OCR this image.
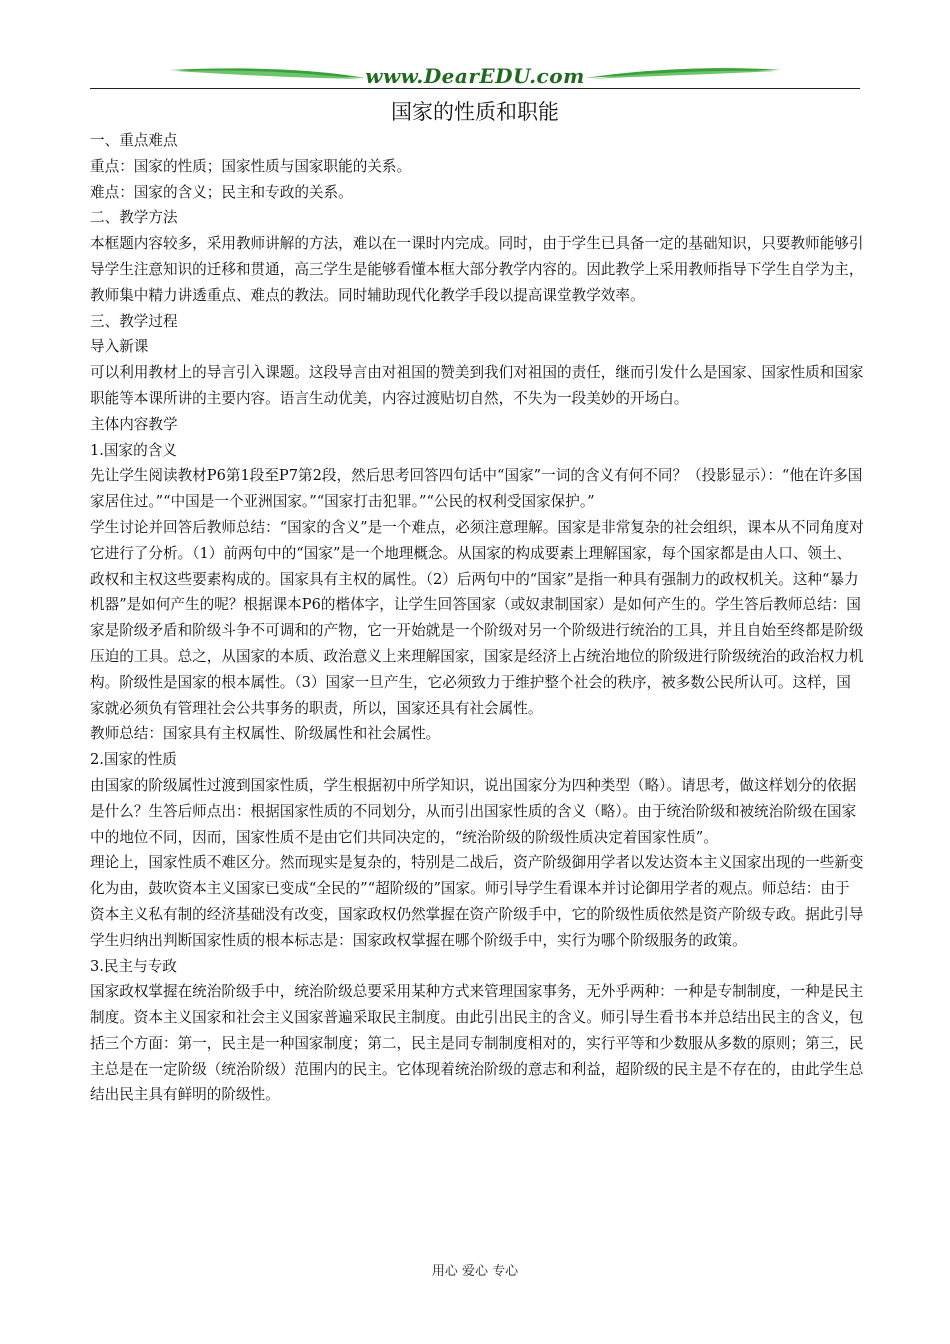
www.DearEDU.com
国家的性质和职能

一、重点难点

重点：国家的性质；国家性质与国家职能的关系。

难点：国家的含义；民主和专政的关系。

二、教学方法

本框题内容较多，采用教师讲解的方法，难以在一课时内完成。同时，由于学生已具备一定的基础知识，只要教师能够引导学生注意知识的迁移和贯通，高三学生是能够看懂本框大部分教学内容的。因此教学上采用教师指导下学生自学为主，教师集中精力讲透重点、难点的教法。同时辅助现代化教学手段以提高课堂教学效率。

三、教学过程

导入新课

可以利用教材上的导言引入课题。这段导言由对祖国的赞美到我们对祖国的责任，继而引发什么是国家、国家性质和国家职能等本课所讲的主要内容。语言生动优美，内容过渡贴切自然，不失为一段美妙的开场白。

主体内容教学

1.国家的含义

先让学生阅读教材P6第1段至P7第2段，然后思考回答四句话中“国家”一词的含义有何不同？（投影显示）：“他在许多国家居住过。”“中国是一个亚洲国家。”“国家打击犯罪。”“公民的权利受国家保护。”

学生讨论并回答后教师总结：“国家的含义”是一个难点，必须注意理解。国家是非常复杂的社会组织，课本从不同角度对它进行了分析。（1）前两句中的“国家”是一个地理概念。从国家的构成要素上理解国家，每个国家都是由人口、领土、政权和主权这些要素构成的。国家具有主权的属性。（2）后两句中的“国家”是指一种具有强制力的政权机关。这种“暴力机器”是如何产生的呢？根据课本P6的楷体字，让学生回答国家（或奴隶制国家）是如何产生的。学生答后教师总结：国家是阶级矛盾和阶级斗争不可调和的产物，它一开始就是一个阶级对另一个阶级进行统治的工具，并且自始至终都是阶级压迫的工具。总之，从国家的本质、政治意义上来理解国家，国家是经济上占统治地位的阶级进行阶级统治的政治权力机构。阶级性是国家的根本属性。（3）国家一旦产生，它必须致力于维护整个社会的秩序，被多数公民所认可。这样，国家就必须负有管理社会公共事务的职责，所以，国家还具有社会属性。

教师总结：国家具有主权属性、阶级属性和社会属性。

2.国家的性质

由国家的阶级属性过渡到国家性质，学生根据初中所学知识，说出国家分为四种类型（略）。请思考，做这样划分的依据是什么？生答后师点出：根据国家性质的不同划分，从而引出国家性质的含义（略）。由于统治阶级和被统治阶级在国家中的地位不同，因而，国家性质不是由它们共同决定的，“统治阶级的阶级性质决定着国家性质”。

理论上，国家性质不难区分。然而现实是复杂的，特别是二战后，资产阶级御用学者以发达资本主义国家出现的一些新变化为由，鼓吹资本主义国家已变成“全民的”“超阶级的”国家。师引导学生看课本并讨论御用学者的观点。师总结：由于资本主义私有制的经济基础没有改变，国家政权仍然掌握在资产阶级手中，它的阶级性质依然是资产阶级专政。据此引导学生归纳出判断国家性质的根本标志是：国家政权掌握在哪个阶级手中，实行为哪个阶级服务的政策。

3.民主与专政

国家政权掌握在统治阶级手中，统治阶级总要采用某种方式来管理国家事务，无外乎两种：一种是专制制度，一种是民主制度。资本主义国家和社会主义国家普遍采取民主制度。由此引出民主的含义。师引导生看书本并总结出民主的含义，包括三个方面：第一，民主是一种国家制度；第二，民主是同专制制度相对的，实行平等和少数服从多数的原则；第三，民主总是在一定阶级（统治阶级）范围内的民主。它体现着统治阶级的意志和利益，超阶级的民主是不存在的，由此学生总结出民主具有鲜明的阶级性。

用心 爱心 专心
